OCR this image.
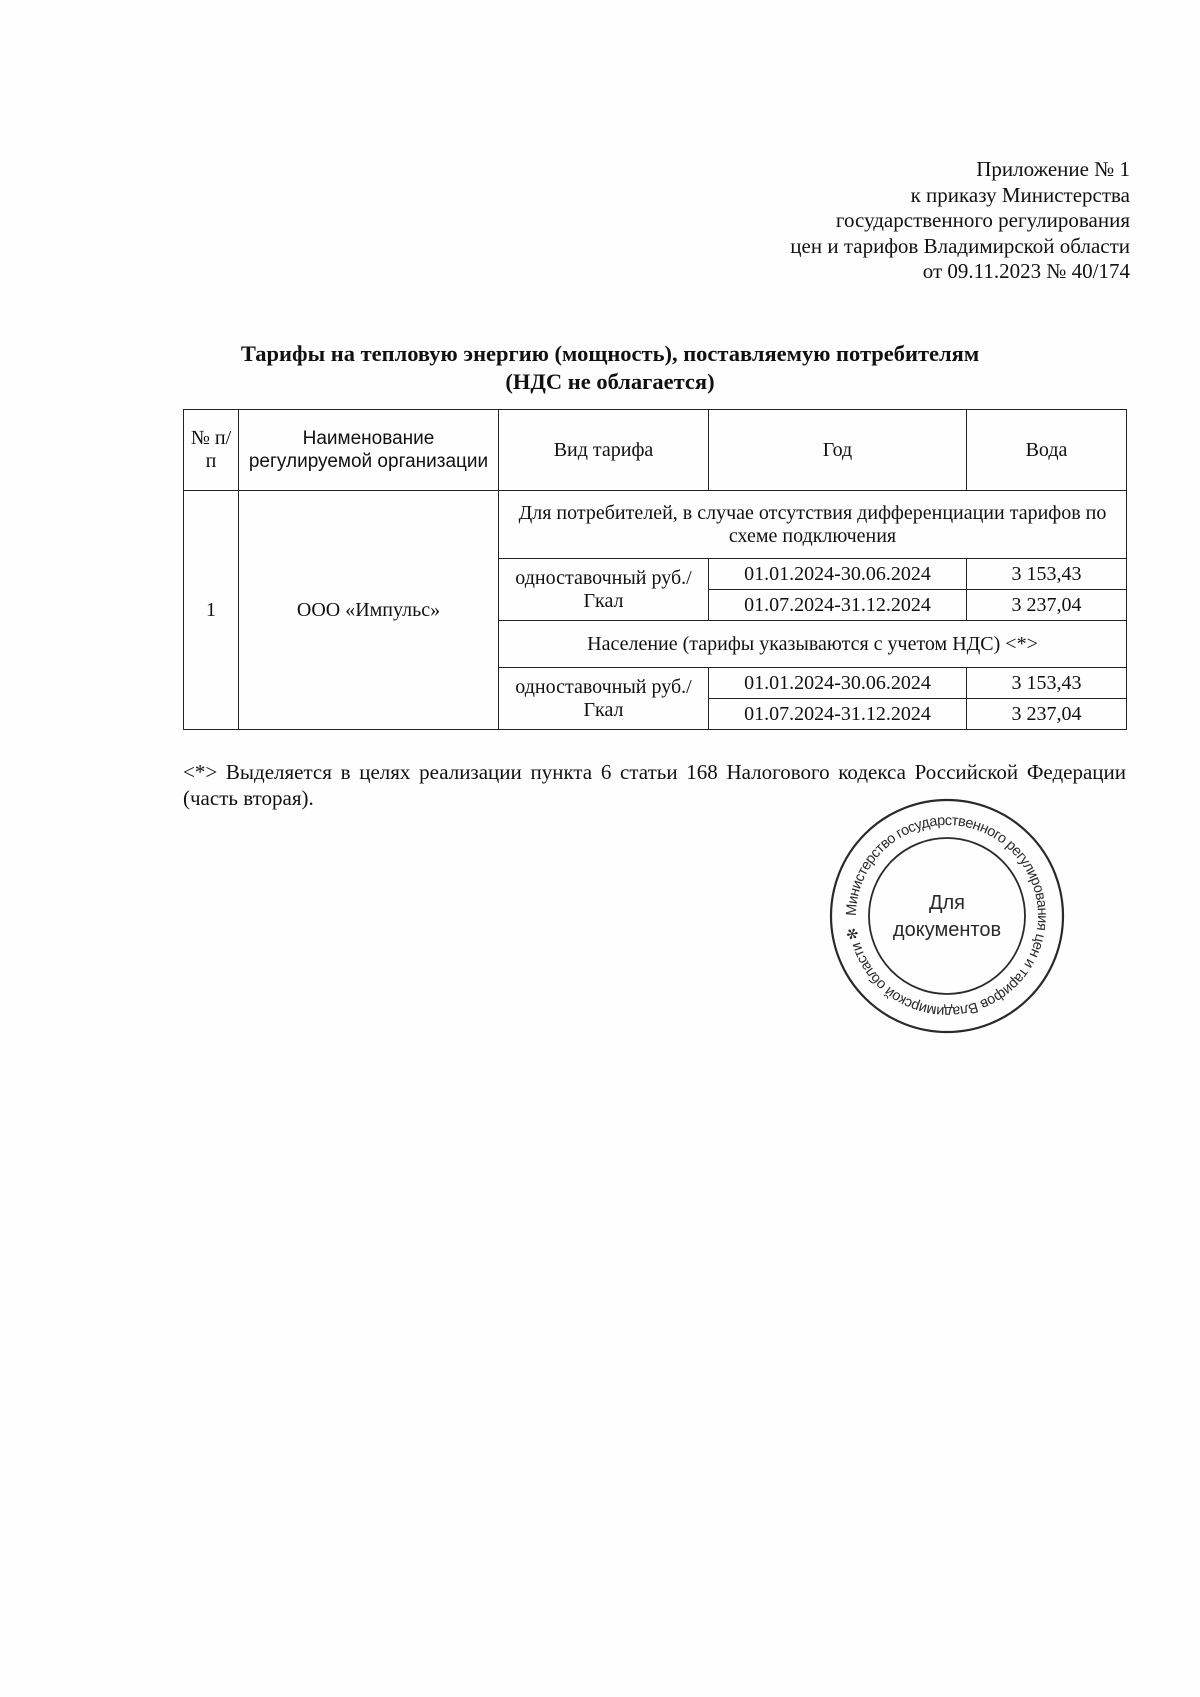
Приложение № 1
к приказу Министерства
государственного регулирования
цен и тарифов Владимирской области
от 09.11.2023 № 40/174
Тарифы на тепловую энергию (мощность), поставляемую потребителям
(НДС не облагается)
№ п/п	Наименование регулируемой организации	Вид тарифа	Год	Вода
1	ООО «Импульс»	Для потребителей, в случае отсутствия дифференциации тарифов по схеме подключения		
		одноставочный руб./Гкал	01.01.2024-30.06.2024	3 153,43
			01.07.2024-31.12.2024	3 237,04
		Население (тарифы указываются с учетом НДС) <*>		
		одноставочный руб./Гкал	01.01.2024-30.06.2024	3 153,43
			01.07.2024-31.12.2024	3 237,04
<*> Выделяется в целях реализации пункта 6 статьи 168 Налогового кодекса Российской Федерации (часть вторая).
Министерство государственного регулирования цен и тарифов Владимирской области ✻
Для
документов
